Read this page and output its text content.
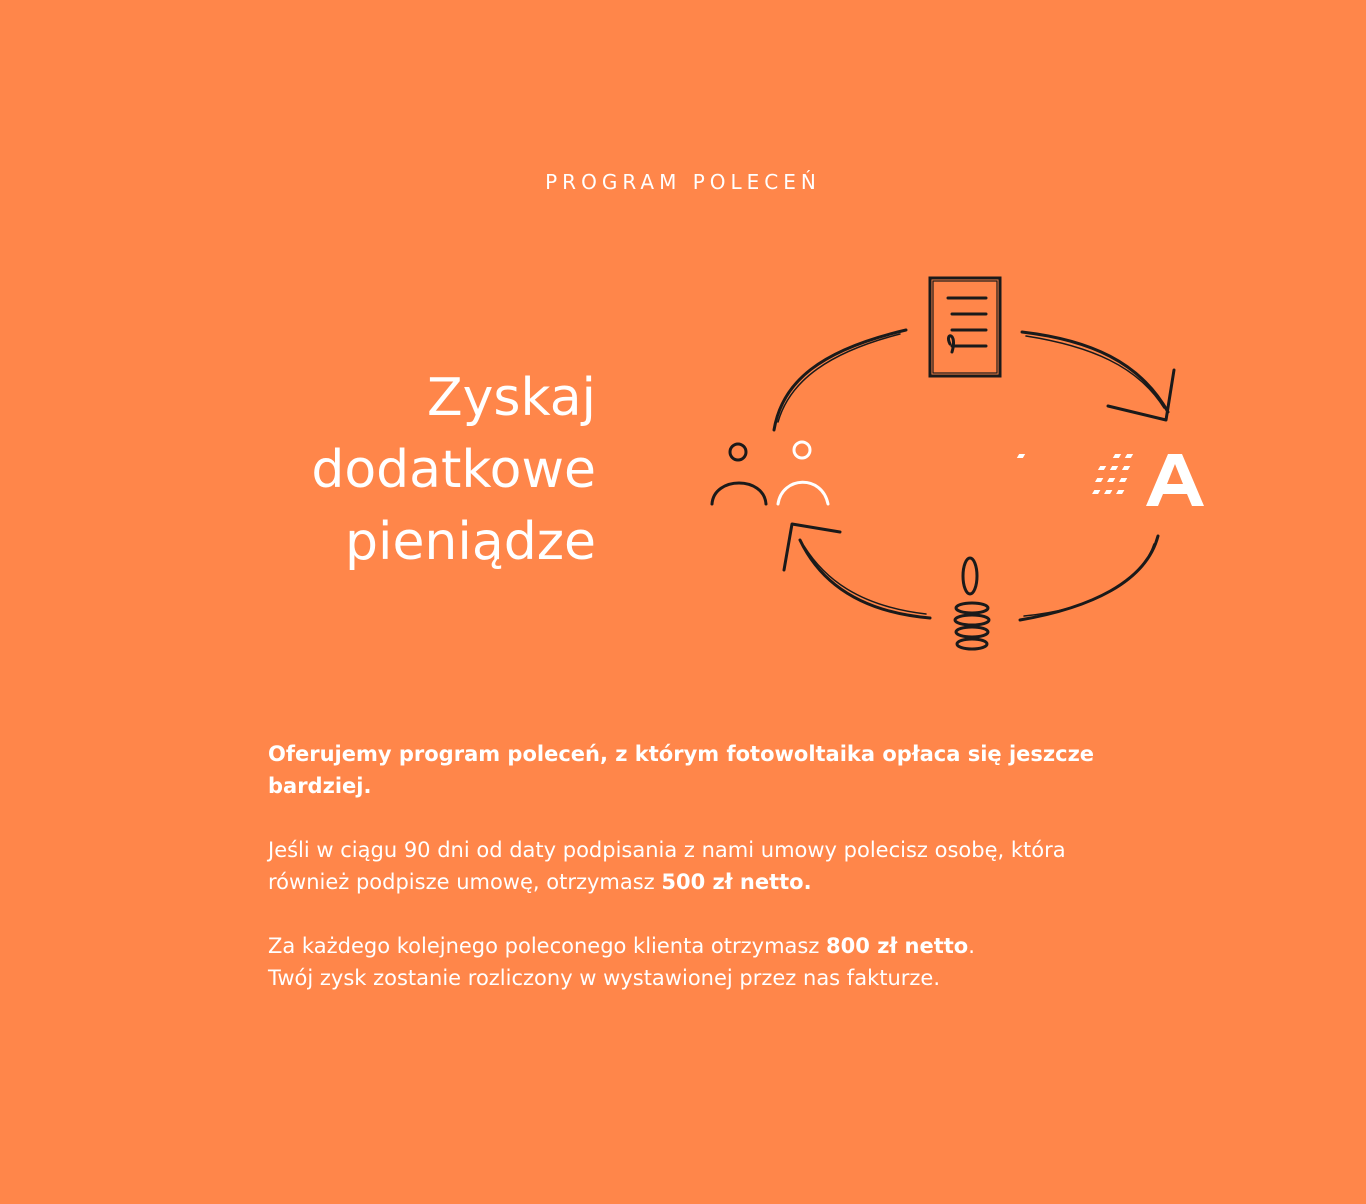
PROGRAM POLECEŃ
Zyskaj
dodatkowe
pieniądze

Oferujemy program poleceń, z którym fotowoltaika opłaca się jeszcze bardziej.

Jeśli w ciągu 90 dni od daty podpisania z nami umowy polecisz osobę, która również podpisze umowę, otrzymasz 500 zł netto.

Za każdego kolejnego poleconego klienta otrzymasz 800 zł netto.
Twój zysk zostanie rozliczony w wystawionej przez nas fakturze.
